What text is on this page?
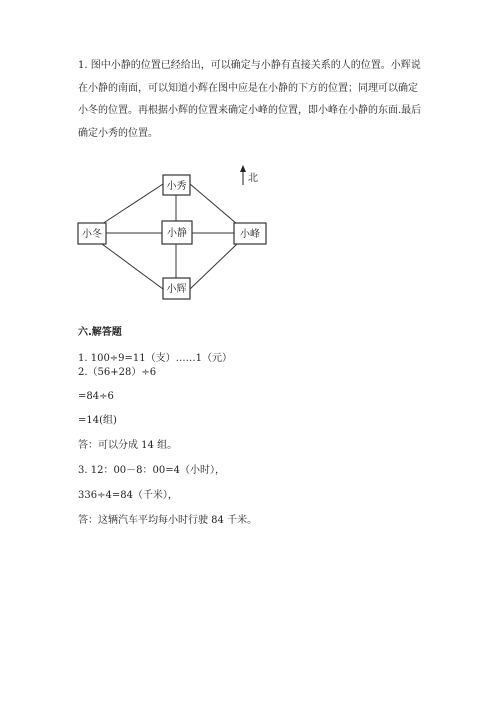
1. 图中小静的位置已经给出，可以确定与小静有直接关系的人的位置。小辉说
在小静的南面，可以知道小辉在图中应是在小静的下方的位置；同理可以确定
小冬的位置。再根据小辉的位置来确定小峰的位置，即小峰在小静的东面.最后
确定小秀的位置。
北
小秀
小冬	小静	小峰
小辉
六.解答题
1. 100÷9=11（支）……1（元）
2.（56+28）÷6
=84÷6
=14(组)
答：可以分成 14 组。
3. 12：00－8：00=4（小时），
336÷4=84（千米），
答：这辆汽车平均每小时行驶 84 千米。
